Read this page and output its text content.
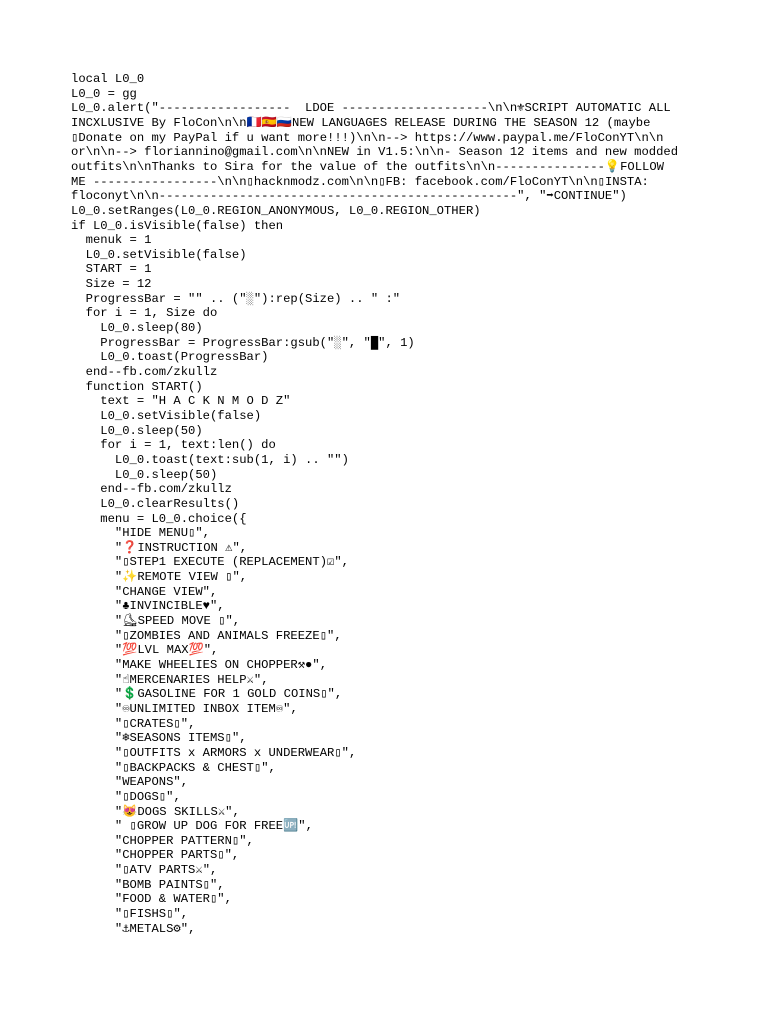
local L0_0
L0_0 = gg
L0_0.alert("------------------  LDOE --------------------\n\n⚜SCRIPT AUTOMATIC ALL
INCXLUSIVE By FloCon\n\n🇨🇵🇪🇸🇷🇺NEW LANGUAGES RELEASE DURING THE SEASON 12 (maybe
▯Donate on my PayPal if u want more!!!)\n\n--> https://www.paypal.me/FloConYT\n\n
or\n\n--> floriannino@gmail.com\n\nNEW in V1.5:\n\n- Season 12 items and new modded
outfits\n\nThanks to Sira for the value of the outfits\n\n---------------💡FOLLOW
ME -----------------\n\n▯hacknmodz.com\n\n▯FB: facebook.com/FloConYT\n\n▯INSTA:
floconyt\n\n-------------------------------------------------", "➡CONTINUE")
L0_0.setRanges(L0_0.REGION_ANONYMOUS, L0_0.REGION_OTHER)
if L0_0.isVisible(false) then
menuk = 1
L0_0.setVisible(false)
START = 1
Size = 12
ProgressBar = "" .. ("░"):rep(Size) .. " :"
for i = 1, Size do
L0_0.sleep(80)
ProgressBar = ProgressBar:gsub("░", "█", 1)
L0_0.toast(ProgressBar)
end--fb.com/zkullz
function START()
text = "H A C K N M O D Z"
L0_0.setVisible(false)
L0_0.sleep(50)
for i = 1, text:len() do
L0_0.toast(text:sub(1, i) .. "")
L0_0.sleep(50)
end--fb.com/zkullz
L0_0.clearResults()
menu = L0_0.choice({
"HIDE MENU▯",
"❓INSTRUCTION ⚠",
"▯STEP1 EXECUTE (REPLACEMENT)☑",
"✨REMOTE VIEW ▯",
"CHANGE VIEW",
"♣INVINCIBLE♥",
"⛸SPEED MOVE ▯",
"▯ZOMBIES AND ANIMALS FREEZE▯",
"💯LVL MAX💯",
"MAKE WHEELIES ON CHOPPER⚒●",
"☝MERCENARIES HELP⚔",
"💲GASOLINE FOR 1 GOLD COINS▯",
"♾UNLIMITED INBOX ITEM♾",
"▯CRATES▯",
"❄SEASONS ITEMS▯",
"▯OUTFITS x ARMORS x UNDERWEAR▯",
"▯BACKPACKS & CHEST▯",
"WEAPONS",
"▯DOGS▯",
"😻DOGS SKILLS⚔",
" ▯GROW UP DOG FOR FREE🆙",
"CHOPPER PATTERN▯",
"CHOPPER PARTS▯",
"▯ATV PARTS⚔",
"BOMB PAINTS▯",
"FOOD & WATER▯",
"▯FISHS▯",
"⚓METALS⚙",
